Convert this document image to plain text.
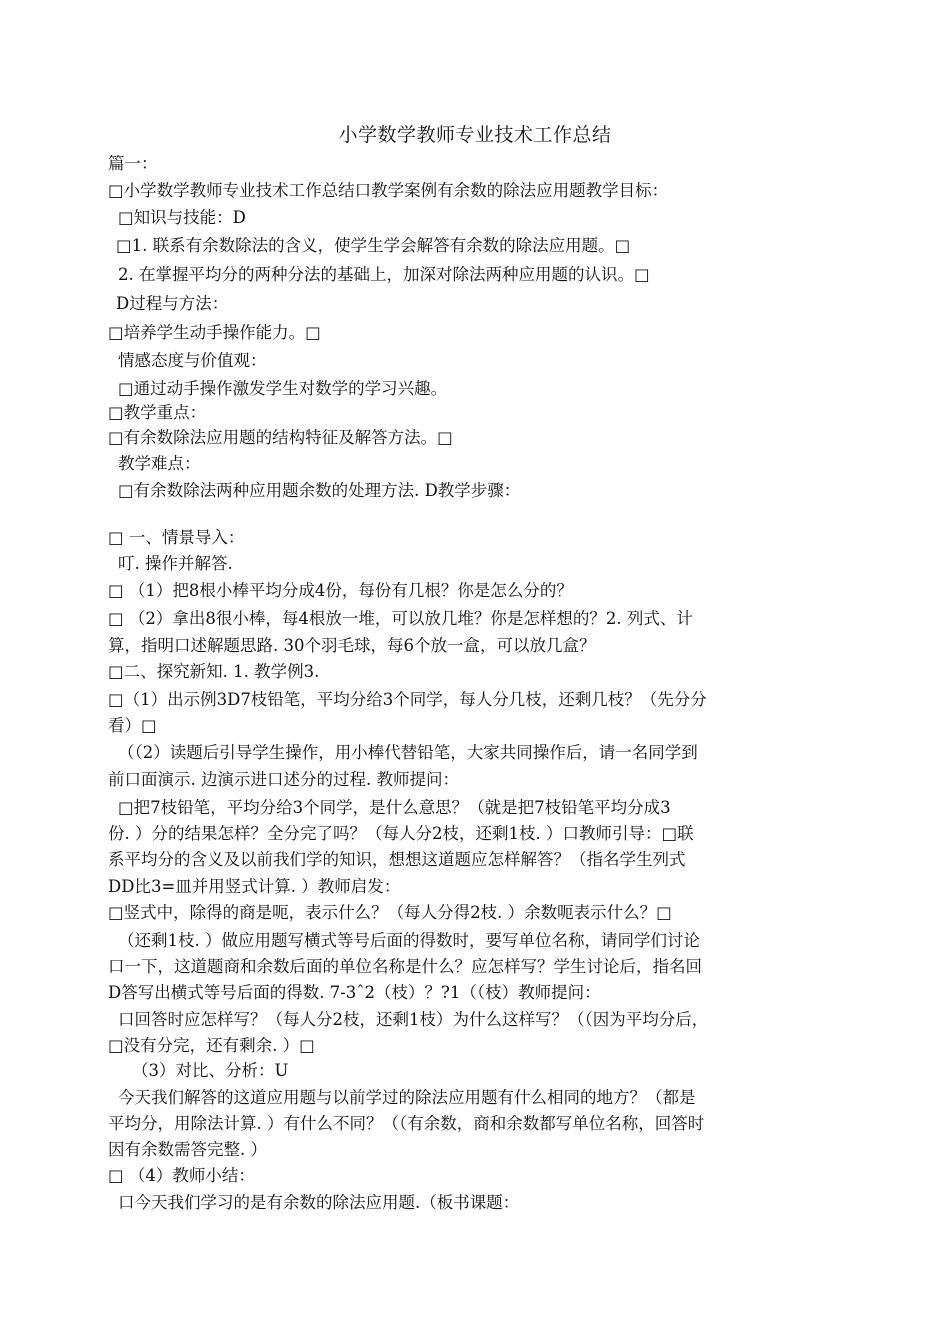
小学数学教师专业技术工作总结
篇一：
□小学数学教师专业技术工作总结口教学案例有余数的除法应用题教学目标：
□知识与技能：D
□1. 联系有余数除法的含义，使学生学会解答有余数的除法应用题。□
2. 在掌握平均分的两种分法的基础上，加深对除法两种应用题的认识。□
D过程与方法：
□培养学生动手操作能力。□
情感态度与价值观：
□通过动手操作激发学生对数学的学习兴趣。
□教学重点：
□有余数除法应用题的结构特征及解答方法。□
教学难点：
□有余数除法两种应用题余数的处理方法. D教学步骤：
□ 一、情景导入：
叮. 操作并解答.
□ （1）把8根小棒平均分成4份，每份有几根？你是怎么分的？
□ （2）拿出8很小棒，每4根放一堆，可以放几堆？你是怎样想的？2. 列式、计
算，指明口述解题思路. 30个羽毛球，每6个放一盒，可以放几盒？
□二、探究新知. 1. 教学例3.
□（1）出示例3D7枝铅笔，平均分给3个同学，每人分几枝，还剩几枝？（先分分
看）□
（（2）读题后引导学生操作，用小棒代替铅笔，大家共同操作后，请一名同学到
前口面演示. 边演示进口述分的过程. 教师提问：
□把7枝铅笔，平均分给3个同学，是什么意思？（就是把7枝铅笔平均分成3
份. ）分的结果怎样？全分完了吗？（每人分2枝，还剩1枝. ）口教师引导：□联
系平均分的含义及以前我们学的知识，想想这道题应怎样解答？（指名学生列式
DD比3=皿并用竖式计算. ）教师启发：
□竖式中，除得的商是呃，表示什么？（每人分得2枝. ）余数呃表示什么？□
（还剩1枝. ）做应用题写横式等号后面的得数时，要写单位名称，请同学们讨论
口一下，这道题商和余数后面的单位名称是什么？应怎样写？学生讨论后，指名回
D答写出横式等号后面的得数. 7-3ˆ2（枝）？?1（（枝）教师提问：
口回答时应怎样写？（每人分2枝，还剩1枝）为什么这样写？（（因为平均分后，
□没有分完，还有剩余. ）□
（3）对比、分析：U
今天我们解答的这道应用题与以前学过的除法应用题有什么相同的地方？（都是
平均分，用除法计算. ）有什么不同？（（有余数，商和余数都写单位名称，回答时
因有余数需答完整. ）
□ （4）教师小结：
口今天我们学习的是有余数的除法应用题.（板书课题：
